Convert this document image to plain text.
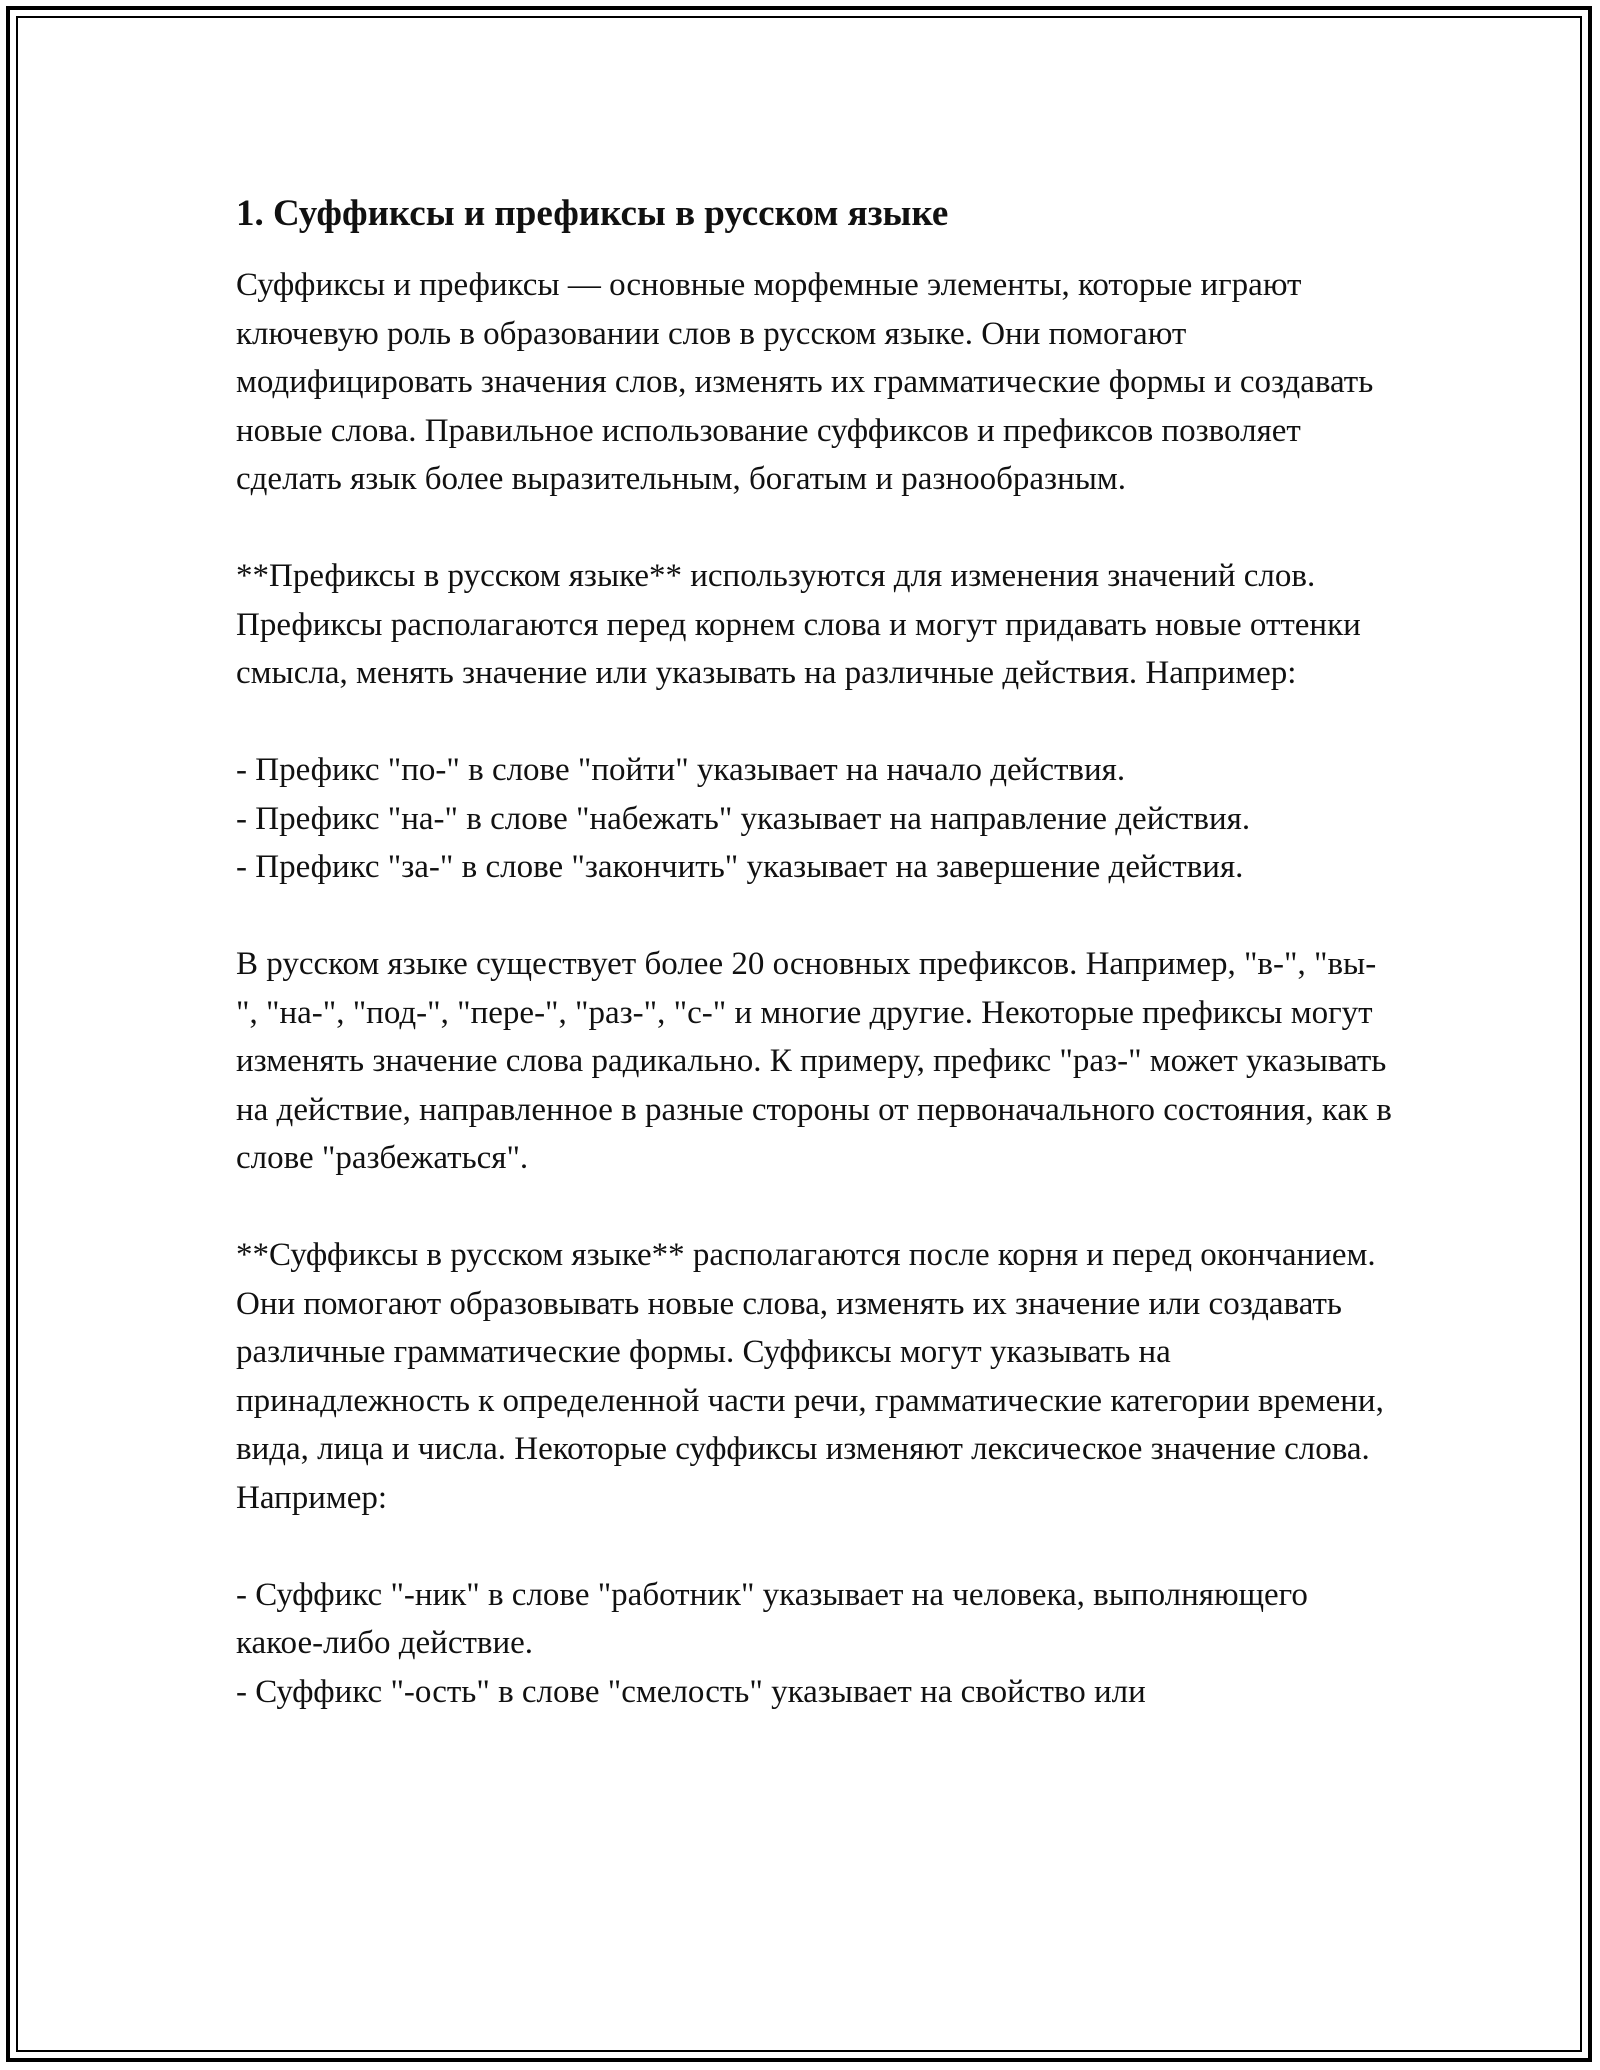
1. Суффиксы и префиксы в русском языке

Суффиксы и префиксы — основные морфемные элементы, которые играют ключевую роль в образовании слов в русском языке. Они помогают модифицировать значения слов, изменять их грамматические формы и создавать новые слова. Правильное использование суффиксов и префиксов позволяет сделать язык более выразительным, богатым и разнообразным.

**Префиксы в русском языке** используются для изменения значений слов. Префиксы располагаются перед корнем слова и могут придавать новые оттенки смысла, менять значение или указывать на различные действия. Например:

- Префикс "по-" в слове "пойти" указывает на начало действия.
- Префикс "на-" в слове "набежать" указывает на направление действия.
- Префикс "за-" в слове "закончить" указывает на завершение действия.

В русском языке существует более 20 основных префиксов. Например, "в-", "вы-", "на-", "под-", "пере-", "раз-", "с-" и многие другие. Некоторые префиксы могут изменять значение слова радикально. К примеру, префикс "раз-" может указывать на действие, направленное в разные стороны от первоначального состояния, как в слове "разбежаться".

**Суффиксы в русском языке** располагаются после корня и перед окончанием. Они помогают образовывать новые слова, изменять их значение или создавать различные грамматические формы. Суффиксы могут указывать на принадлежность к определенной части речи, грамматические категории времени, вида, лица и числа. Некоторые суффиксы изменяют лексическое значение слова. Например:

- Суффикс "-ник" в слове "работник" указывает на человека, выполняющего какое-либо действие.
- Суффикс "-ость" в слове "смелость" указывает на свойство или
